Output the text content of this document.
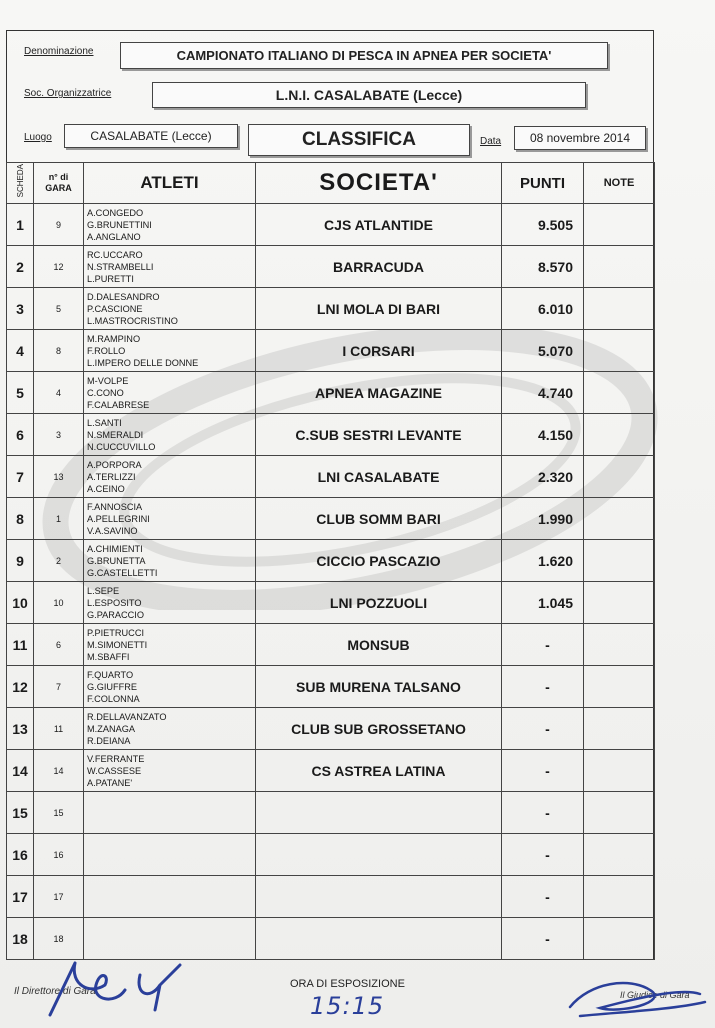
Denominazione	CAMPIONATO ITALIANO DI PESCA IN APNEA PER SOCIETA'
Soc. Organizzatrice	L.N.I. CASALABATE (Lecce)
Luogo	CASALABATE (Lecce)	CLASSIFICA	Data	08 novembre 2014
SCHEDA	n° di
GARA	ATLETI	SOCIETA'	PUNTI	NOTE
1	9	A.CONGEDO
G.BRUNETTINI
A.ANGLANO	CJS ATLANTIDE	9.505	
2	12	RC.UCCARO
N.STRAMBELLI
L.PURETTI	BARRACUDA	8.570	
3	5	D.DALESANDRO
P.CASCIONE
L.MASTROCRISTINO	LNI MOLA DI BARI	6.010	
4	8	M.RAMPINO
F.ROLLO
L.IMPERO DELLE DONNE	I CORSARI	5.070	
5	4	M-VOLPE
C.CONO
F.CALABRESE	APNEA MAGAZINE	4.740	
6	3	L.SANTI
N.SMERALDI
N.CUCCUVILLO	C.SUB SESTRI LEVANTE	4.150	
7	13	A.PORPORA
A.TERLIZZI
A.CEINO	LNI CASALABATE	2.320	
8	1	F.ANNOSCIA
A.PELLEGRINI
V.A.SAVINO	CLUB SOMM BARI	1.990	
9	2	A.CHIMIENTI
G.BRUNETTA
G.CASTELLETTI	CICCIO PASCAZIO	1.620	
10	10	L.SEPE
L.ESPOSITO
G.PARACCIO	LNI POZZUOLI	1.045	
11	6	P.PIETRUCCI
M.SIMONETTI
M.SBAFFI	MONSUB	-	
12	7	F.QUARTO
G.GIUFFRE
F.COLONNA	SUB MURENA TALSANO	-	
13	11	R.DELLAVANZATO
M.ZANAGA
R.DEIANA	CLUB SUB GROSSETANO	-	
14	14	V.FERRANTE
W.CASSESE
A.PATANE'	CS ASTREA LATINA	-	
15	15			-	
16	16			-	
17	17			-	
18	18			-	
Il Direttore di Gara
ORA DI ESPOSIZIONE
15:15	Il Giudice di Gara
